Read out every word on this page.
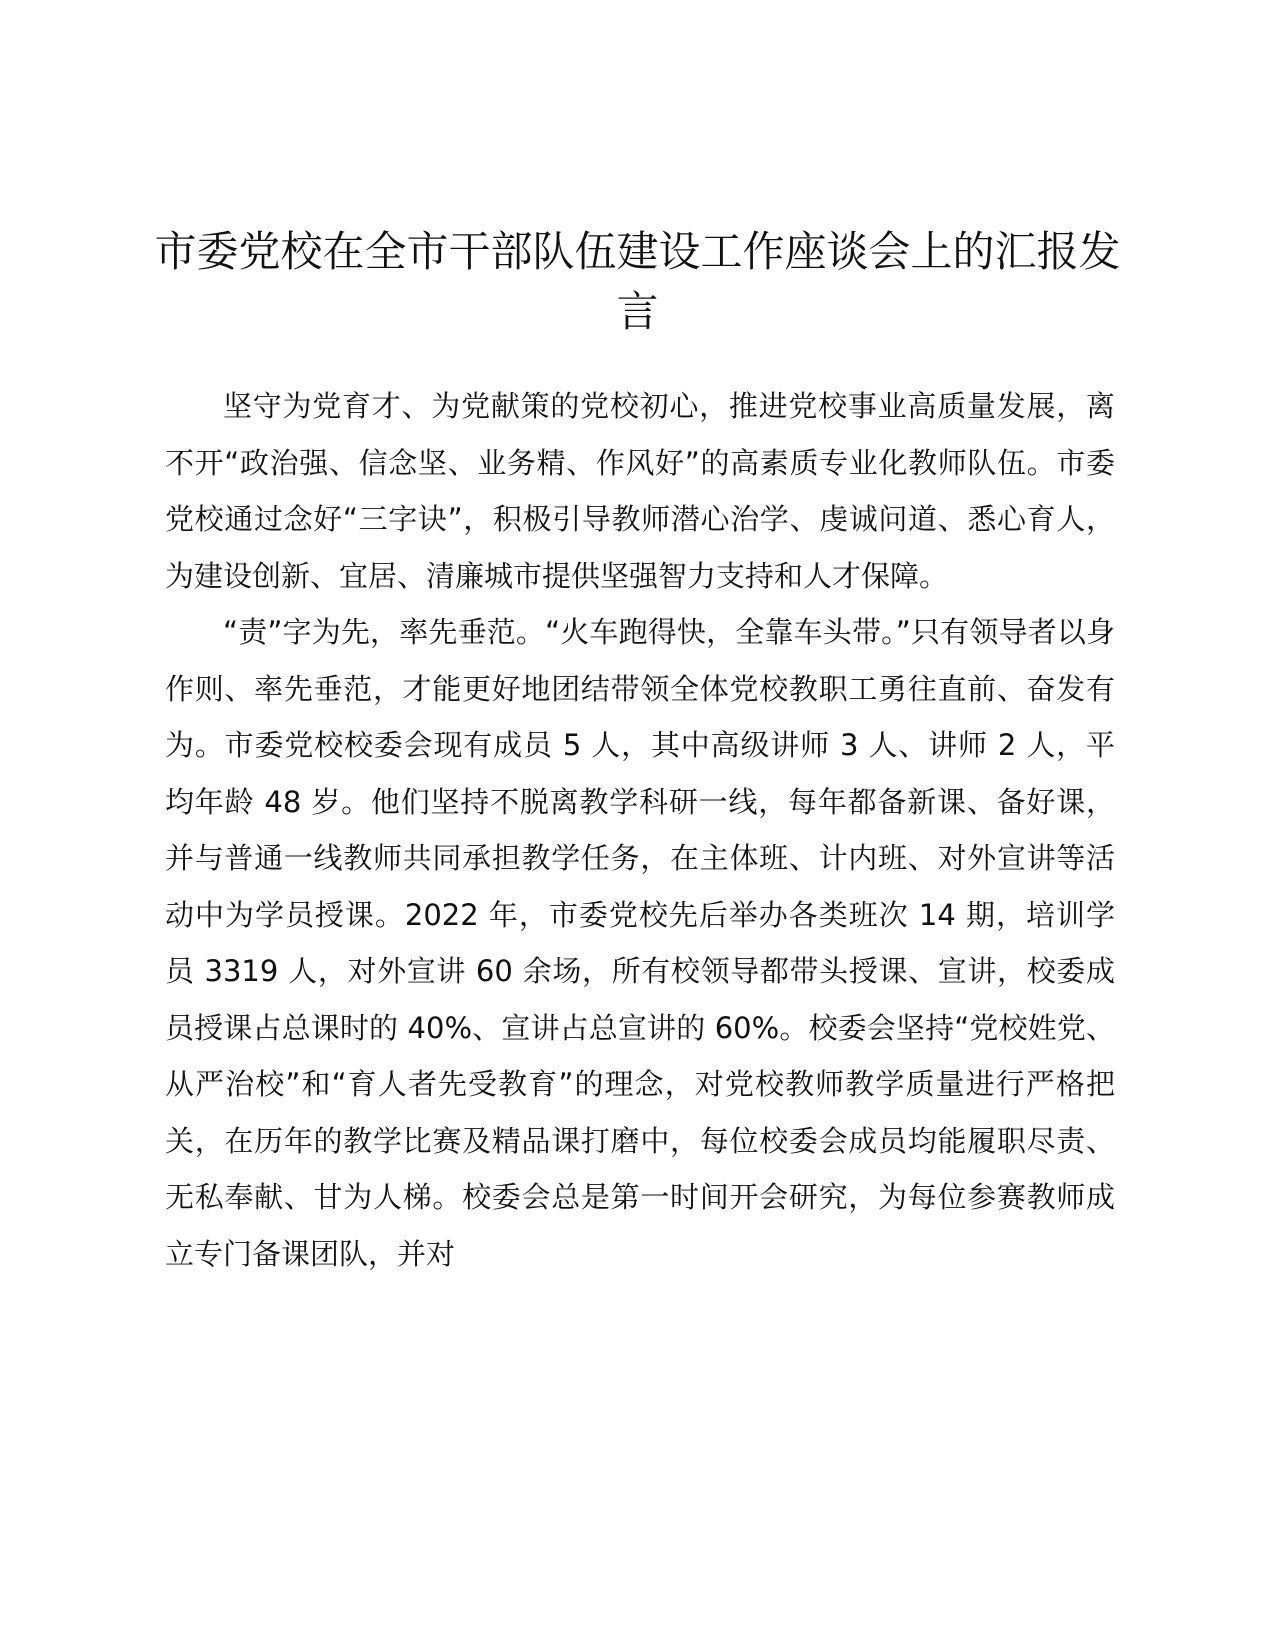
市委党校在全市干部队伍建设工作座谈会上的汇报发言

坚守为党育才、为党献策的党校初心，推进党校事业高质量发展，离不开“政治强、信念坚、业务精、作风好”的高素质专业化教师队伍。市委党校通过念好“三字诀”，积极引导教师潜心治学、虔诚问道、悉心育人，为建设创新、宜居、清廉城市提供坚强智力支持和人才保障。

“责”字为先，率先垂范。“火车跑得快，全靠车头带。”只有领导者以身作则、率先垂范，才能更好地团结带领全体党校教职工勇往直前、奋发有为。市委党校校委会现有成员 5 人，其中高级讲师 3 人、讲师 2 人，平均年龄 48 岁。他们坚持不脱离教学科研一线，每年都备新课、备好课，并与普通一线教师共同承担教学任务，在主体班、计内班、对外宣讲等活动中为学员授课。2022 年，市委党校先后举办各类班次 14 期，培训学员 3319 人，对外宣讲 60 余场，所有校领导都带头授课、宣讲，校委成员授课占总课时的 40%、宣讲占总宣讲的 60%。校委会坚持“党校姓党、从严治校”和“育人者先受教育”的理念，对党校教师教学质量进行严格把关，在历年的教学比赛及精品课打磨中，每位校委会成员均能履职尽责、无私奉献、甘为人梯。校委会总是第一时间开会研究，为每位参赛教师成立专门备课团队，并对
